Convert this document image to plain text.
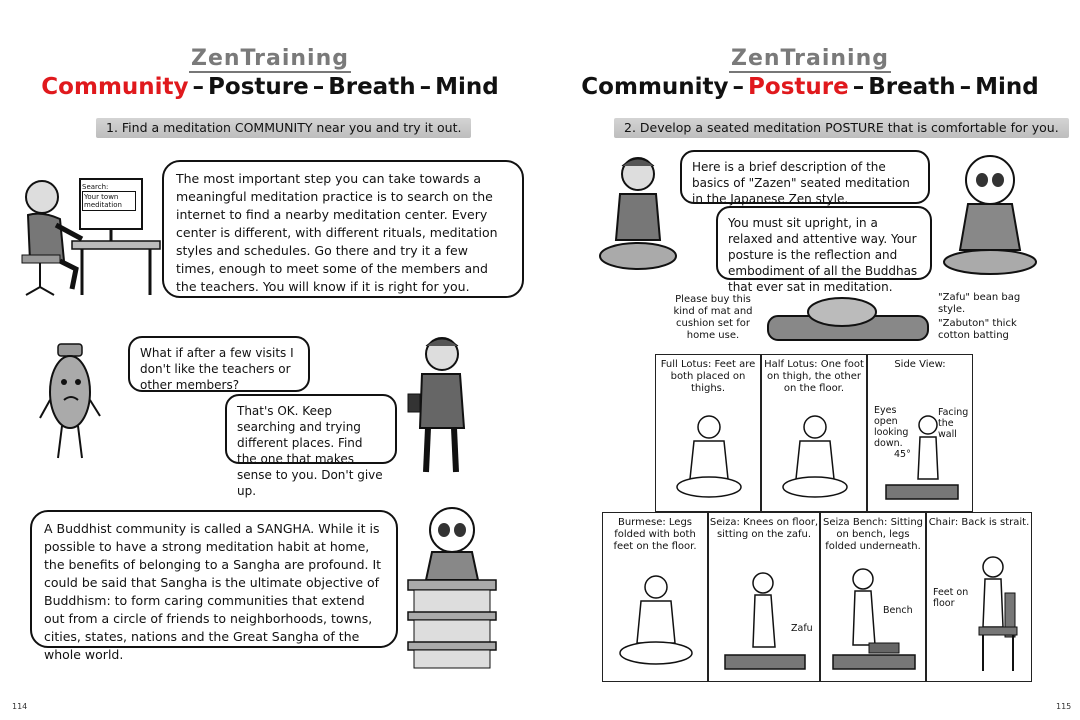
ZenTraining
Community – Posture – Breath – Mind
1. Find a meditation COMMUNITY near you and try it out.
Search:
Your town meditation
The most important step you can take towards a meaningful meditation practice is to search on the internet to find a nearby meditation center. Every center is different, with different rituals, meditation styles and schedules. Go there and try it a few times, enough to meet some of the members and the teachers. You will know if it is right for you.
What if after a few visits I don't like the teachers or other members?
That's OK. Keep searching and trying different places. Find the one that makes sense to you. Don't give up.
A Buddhist community is called a SANGHA. While it is possible to have a strong meditation habit at home, the benefits of belonging to a Sangha are profound. It could be said that Sangha is the ultimate objective of Buddhism: to form caring communities that extend out from a circle of friends to neighborhoods, towns, cities, states, nations and the Great Sangha of the whole world.
114
ZenTraining
Community – Posture – Breath – Mind
2. Develop a seated meditation POSTURE that is comfortable for you.
Here is a brief description of the basics of "Zazen" seated meditation in the Japanese Zen style.
You must sit upright, in a relaxed and attentive way. Your posture is the reflection and embodiment of all the Buddhas that ever sat in meditation.
Please buy this kind of mat and cushion set for home use.
"Zafu" bean bag style.
"Zabuton" thick cotton batting
Full Lotus: Feet are both placed on thighs.
Half Lotus: One foot on thigh, the other on the floor.
Side View:
Eyes open looking down.
Facing the wall
45°
Burmese: Legs folded with both feet on the floor.
Seiza: Knees on floor, sitting on the zafu.
Zafu
Seiza Bench: Sitting on bench, legs folded underneath.
Bench
Chair: Back is strait.
Feet on floor
115
